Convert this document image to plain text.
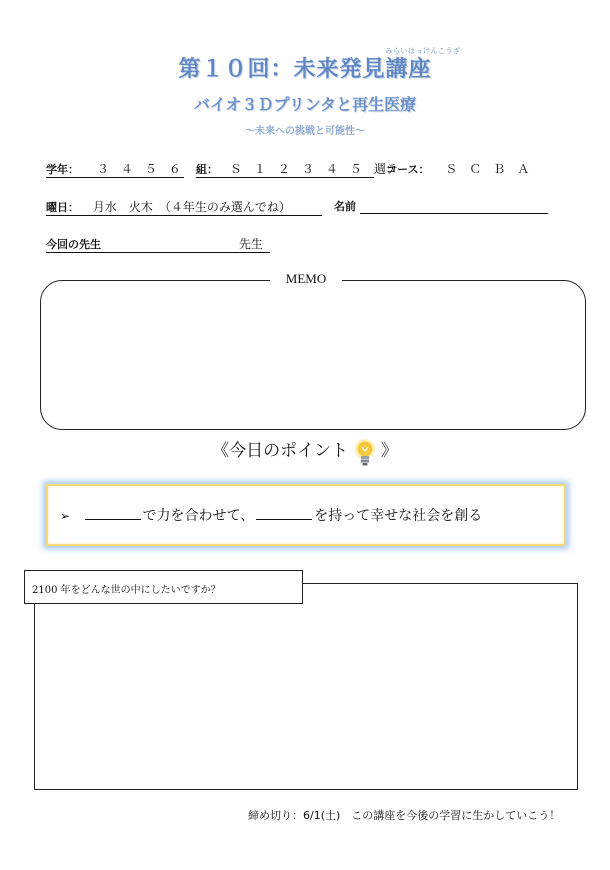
みらいはっけんこうざ
第１０回：未来発見講座
バイオ３Ｄプリンタと再生医療
〜未来への挑戦と可能性〜
学年： ３　４　５　６ 組： Ｓ　１　２　３　４　５　週テ
コース： Ｓ　Ｃ　Ｂ　Ａ
曜日： 月水　火木　（４年生のみ選んでね）	名前
今回の先生	先生
MEMO
《今日のポイント 》
➢	で力を合わせて、	を持って幸せな社会を創る
2100 年をどんな世の中にしたいですか？
締め切り：6/1(土)　この講座を今後の学習に生かしていこう！
